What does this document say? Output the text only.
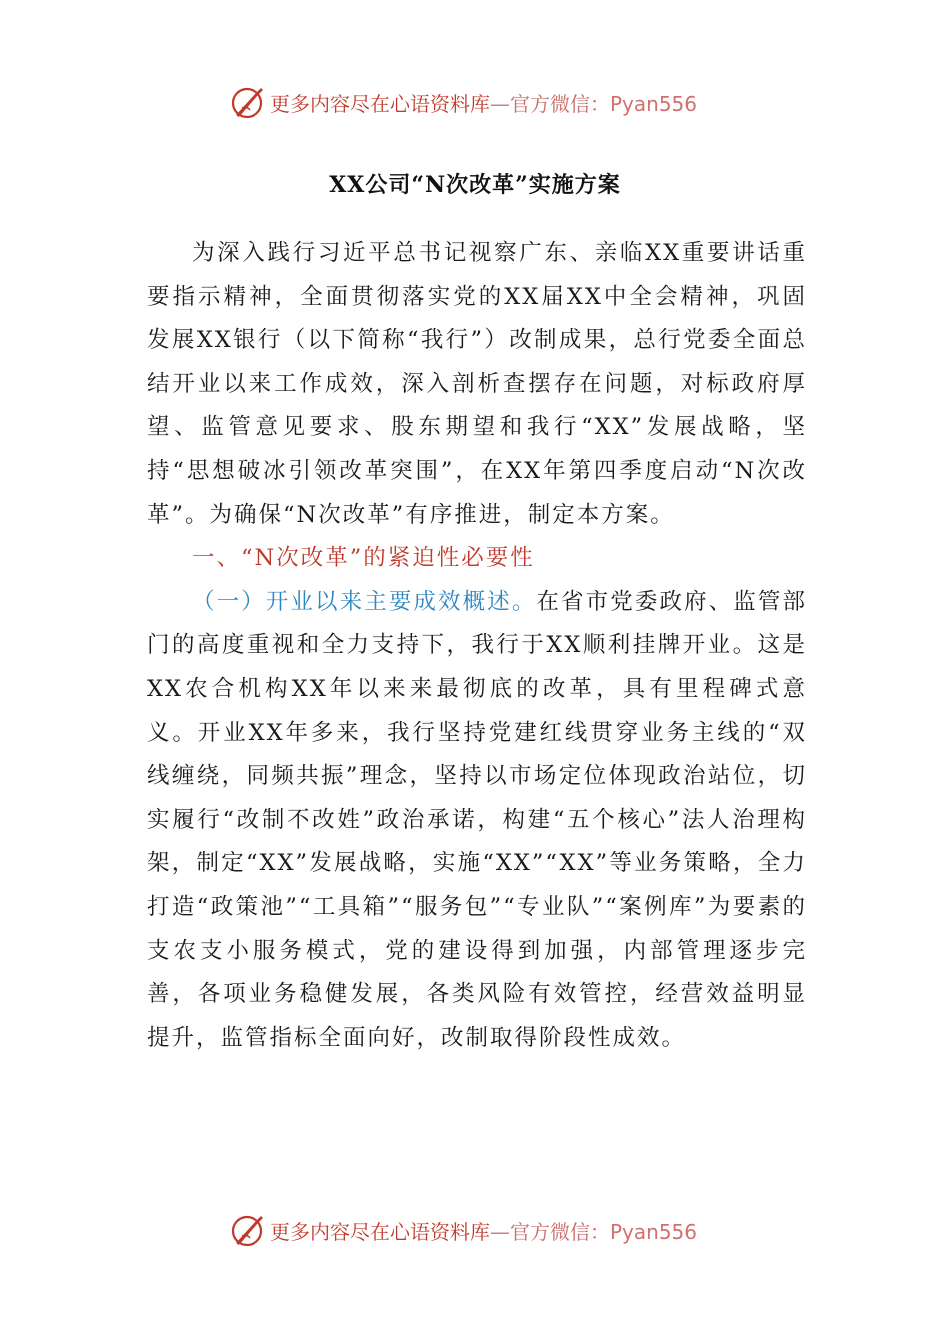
更多内容尽在心语资料库—官方微信：Pyan556
XX公司“N次改革”实施方案

为深入践行习近平总书记视察广东、亲临XX重要讲话重要指示精神，全面贯彻落实党的XX届XX中全会精神，巩固发展XX银行（以下简称“我行”）改制成果，总行党委全面总结开业以来工作成效，深入剖析查摆存在问题，对标政府厚望、监管意见要求、股东期望和我行“XX”发展战略，坚持“思想破冰引领改革突围”，在XX年第四季度启动“N次改革”。为确保“N次改革”有序推进，制定本方案。

一、“N次改革”的紧迫性必要性

（一）开业以来主要成效概述。在省市党委政府、监管部门的高度重视和全力支持下，我行于XX顺利挂牌开业。这是XX农合机构XX年以来来最彻底的改革，具有里程碑式意义。开业XX年多来，我行坚持党建红线贯穿业务主线的“双线缠绕，同频共振”理念，坚持以市场定位体现政治站位，切实履行“改制不改姓”政治承诺，构建“五个核心”法人治理构架，制定“XX”发展战略，实施“XX”“XX”等业务策略，全力打造“政策池”“工具箱”“服务包”“专业队”“案例库”为要素的支农支小服务模式，党的建设得到加强，内部管理逐步完善，各项业务稳健发展，各类风险有效管控，经营效益明显提升，监管指标全面向好，改制取得阶段性成效。

更多内容尽在心语资料库—官方微信：Pyan556
